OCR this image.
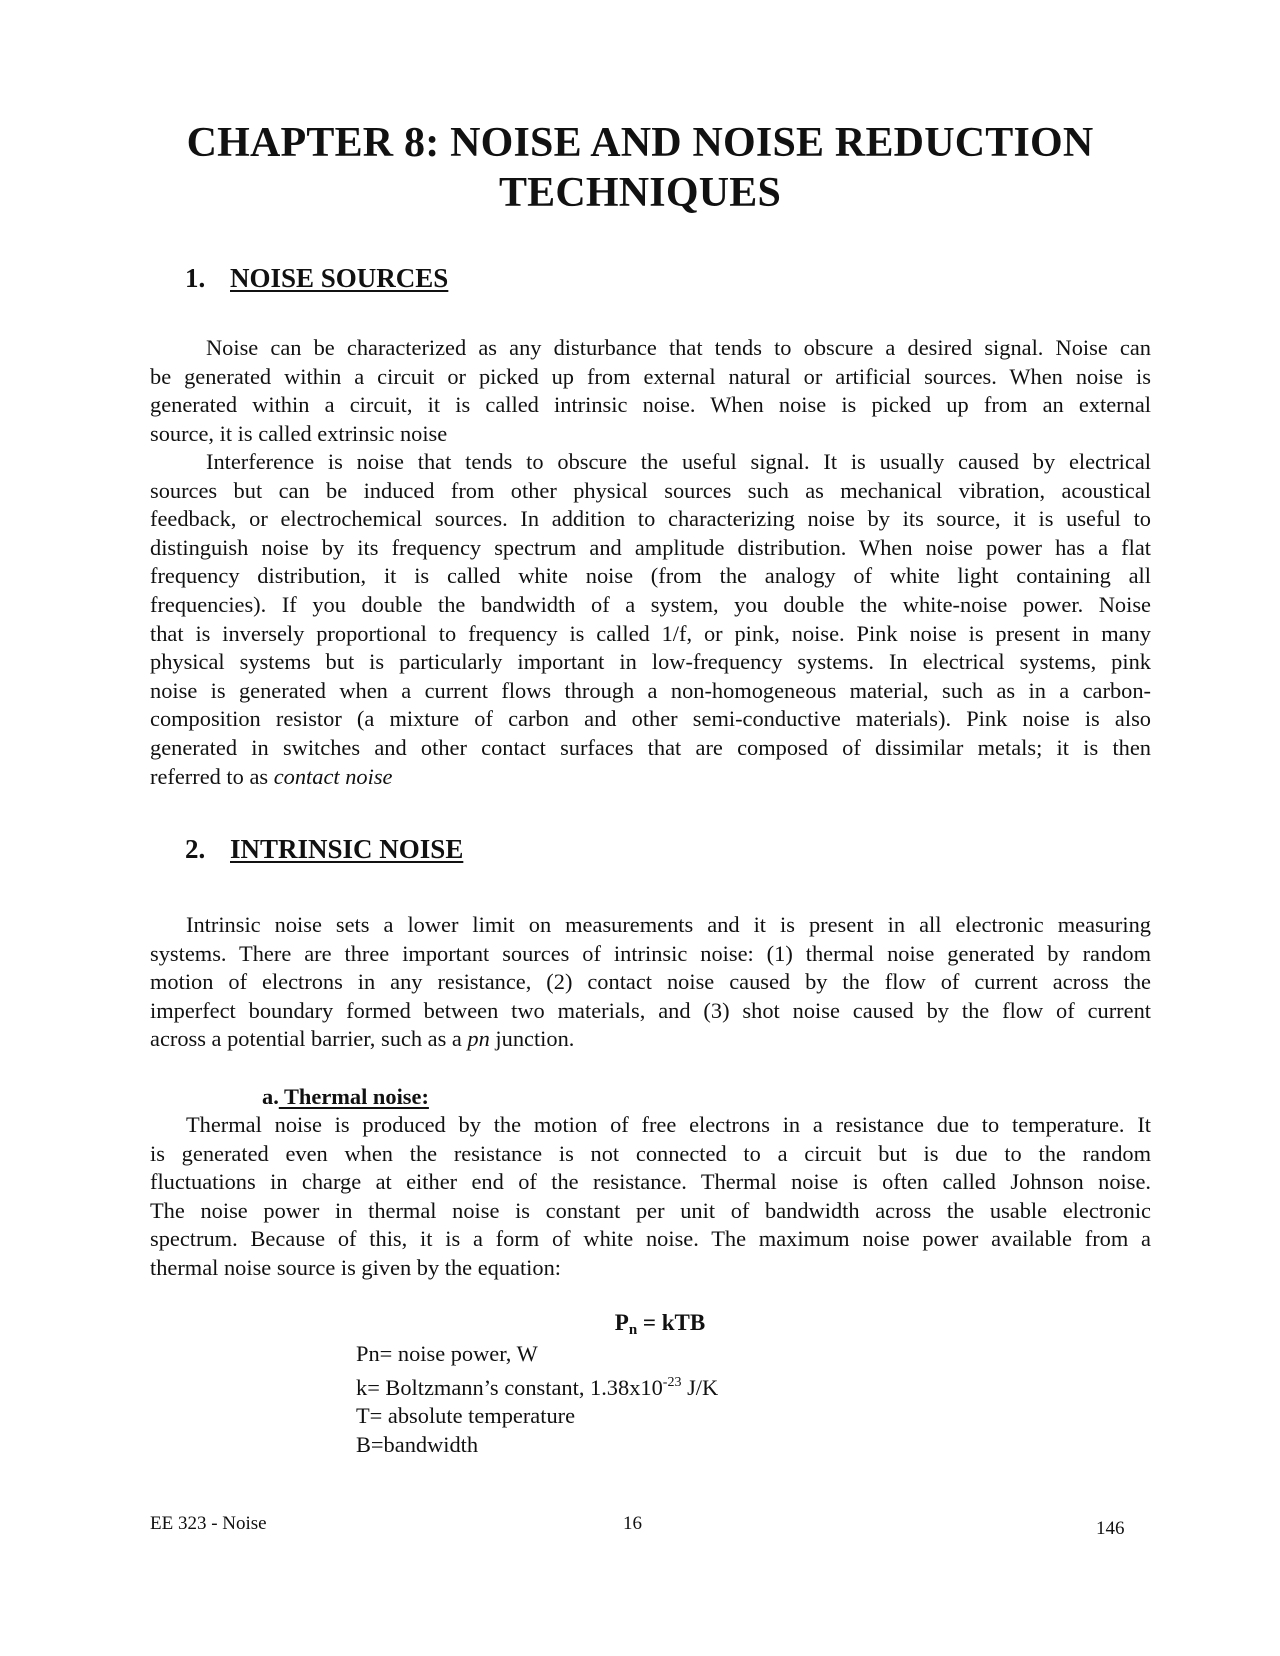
CHAPTER 8: NOISE AND NOISE REDUCTION
TECHNIQUES
1. NOISE SOURCES
Noise can be characterized as any disturbance that tends to obscure a desired signal. Noise can
be generated within a circuit or picked up from external natural or artificial sources. When noise is
generated within a circuit, it is called intrinsic noise. When noise is picked up from an external
source, it is called extrinsic noise
Interference is noise that tends to obscure the useful signal. It is usually caused by electrical
sources but can be induced from other physical sources such as mechanical vibration, acoustical
feedback, or electrochemical sources. In addition to characterizing noise by its source, it is useful to
distinguish noise by its frequency spectrum and amplitude distribution. When noise power has a flat
frequency distribution, it is called white noise (from the analogy of white light containing all
frequencies). If you double the bandwidth of a system, you double the white-noise power. Noise
that is inversely proportional to frequency is called 1/f, or pink, noise. Pink noise is present in many
physical systems but is particularly important in low-frequency systems. In electrical systems, pink
noise is generated when a current flows through a non-homogeneous material, such as in a carbon-
composition resistor (a mixture of carbon and other semi-conductive materials). Pink noise is also
generated in switches and other contact surfaces that are composed of dissimilar metals; it is then
referred to as contact noise
2. INTRINSIC NOISE
Intrinsic noise sets a lower limit on measurements and it is present in all electronic measuring
systems. There are three important sources of intrinsic noise: (1) thermal noise generated by random
motion of electrons in any resistance, (2) contact noise caused by the flow of current across the
imperfect boundary formed between two materials, and (3) shot noise caused by the flow of current
across a potential barrier, such as a pn junction.
a. Thermal noise:
Thermal noise is produced by the motion of free electrons in a resistance due to temperature. It
is generated even when the resistance is not connected to a circuit but is due to the random
fluctuations in charge at either end of the resistance. Thermal noise is often called Johnson noise.
The noise power in thermal noise is constant per unit of bandwidth across the usable electronic
spectrum. Because of this, it is a form of white noise. The maximum noise power available from a
thermal noise source is given by the equation:
$P_n$ = kTB
Pn= noise power, W
k= Boltzmann’s constant, $1.38x10^{-23}$ J/K
T= absolute temperature
B=bandwidth
EE 323 - Noise	16	146
